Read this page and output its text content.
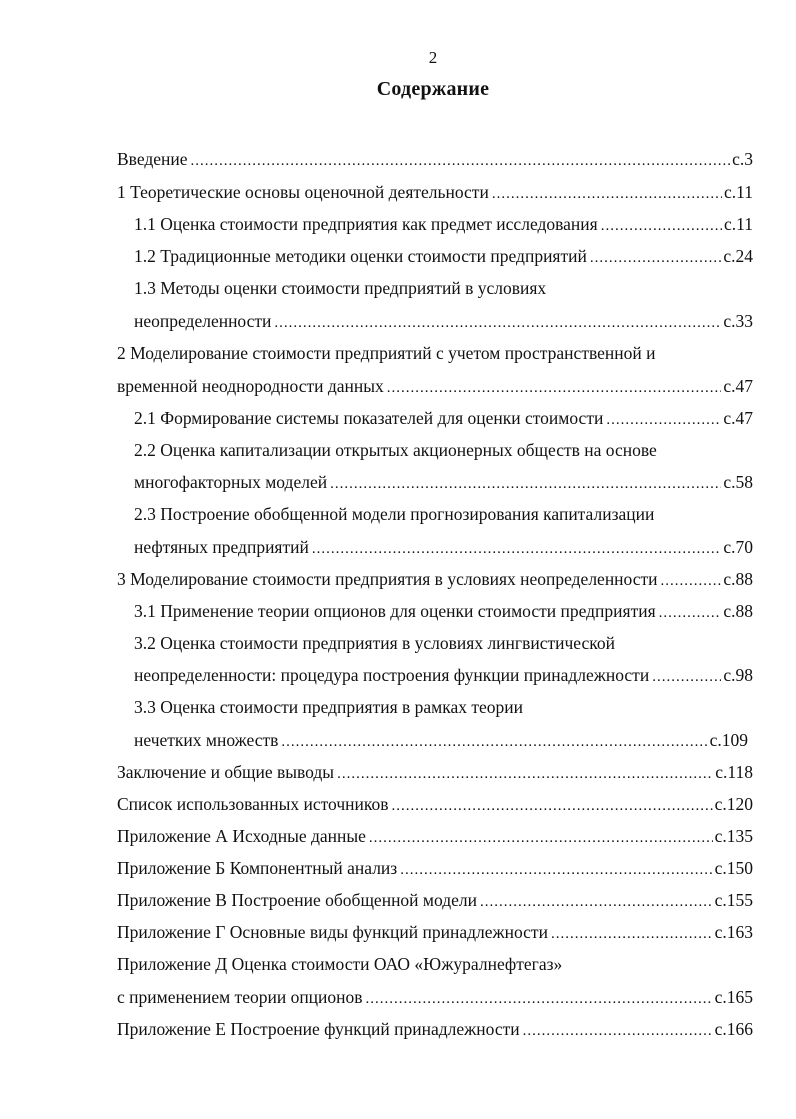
2
Содержание
Введение .....	с.3
1 Теоретические основы оценочной деятельности .....	с.11
1.1 Оценка стоимости предприятия как предмет исследования .....	с.11
1.2 Традиционные методики оценки стоимости предприятий .....	с.24
1.3 Методы оценки стоимости предприятий в условиях
неопределенности .....	с.33
2 Моделирование стоимости предприятий с учетом пространственной и
временной неоднородности данных .....	с.47
2.1 Формирование системы показателей для оценки стоимости .....	с.47
2.2 Оценка капитализации открытых акционерных обществ на основе
многофакторных моделей .....	с.58
2.3 Построение обобщенной модели прогнозирования капитализации
нефтяных предприятий .....	с.70
3 Моделирование стоимости предприятия в условиях неопределенности .....	с.88
3.1 Применение теории опционов для оценки стоимости предприятия .....	с.88
3.2 Оценка стоимости предприятия в условиях лингвистической
неопределенности: процедура построения функции принадлежности .....	с.98
3.3 Оценка стоимости предприятия в рамках теории
нечетких множеств .....	с.109
Заключение и общие выводы .....	с.118
Список использованных источников .....	с.120
Приложение А Исходные данные .....	с.135
Приложение Б Компонентный анализ .....	с.150
Приложение В Построение обобщенной модели .....	с.155
Приложение Г Основные виды функций принадлежности .....	с.163
Приложение Д Оценка стоимости ОАО «Южуралнефтегаз»
с применением теории опционов .....	с.165
Приложение Е Построение функций принадлежности .....	с.166
